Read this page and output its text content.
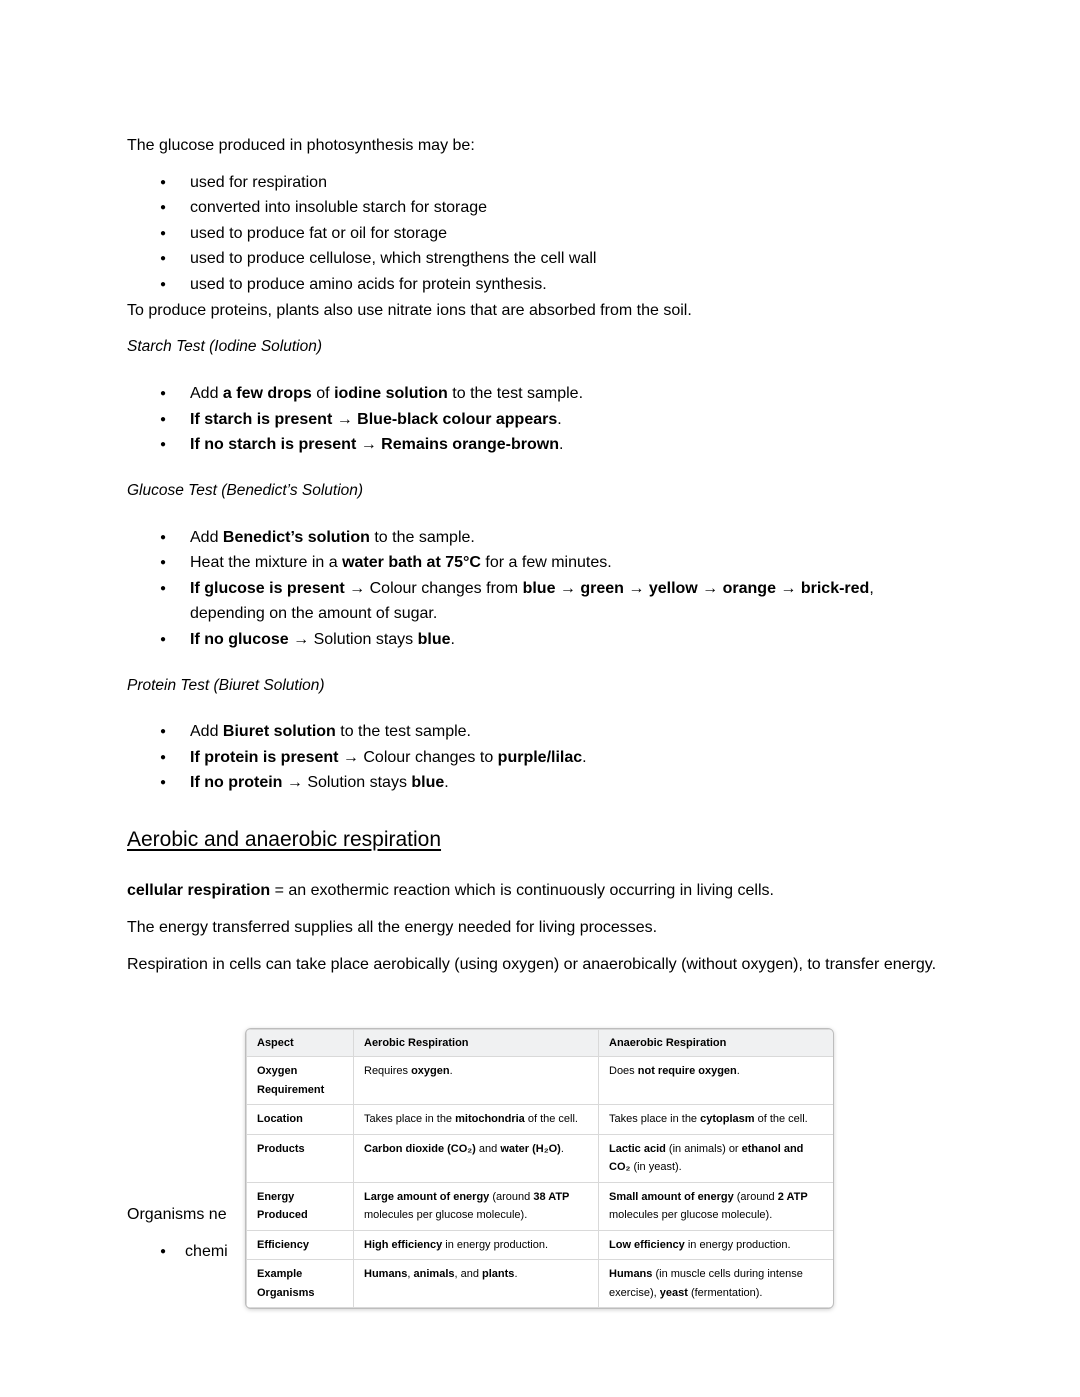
The glucose produced in photosynthesis may be:

● used for respiration
● converted into insoluble starch for storage
● used to produce fat or oil for storage
● used to produce cellulose, which strengthens the cell wall
● used to produce amino acids for protein synthesis.

To produce proteins, plants also use nitrate ions that are absorbed from the soil.

Starch Test (Iodine Solution)
● Add a few drops of iodine solution to the test sample.
● If starch is present → Blue-black colour appears.
● If no starch is present → Remains orange-brown.
Glucose Test (Benedict’s Solution)
● Add Benedict’s solution to the sample.
● Heat the mixture in a water bath at 75°C for a few minutes.
● If glucose is present → Colour changes from blue → green → yellow → orange → brick-red, depending on the amount of sugar.
● If no glucose → Solution stays blue.
Protein Test (Biuret Solution)
● Add Biuret solution to the test sample.
● If protein is present → Colour changes to purple/lilac.
● If no protein → Solution stays blue.
Aerobic and anaerobic respiration

cellular respiration = an exothermic reaction which is continuously occurring in living cells.

The energy transferred supplies all the energy needed for living processes.

Respiration in cells can take place aerobically (using oxygen) or anaerobically (without oxygen), to transfer energy.

Organisms ne
● chemi
Aspect	Aerobic Respiration	Anaerobic Respiration
Oxygen Requirement	Requires oxygen.	Does not require oxygen.
Location	Takes place in the mitochondria of the cell.	Takes place in the cytoplasm of the cell.
Products	Carbon dioxide (CO₂) and water (H₂O).	Lactic acid (in animals) or ethanol and CO₂ (in yeast).
Energy Produced	Large amount of energy (around 38 ATP molecules per glucose molecule).	Small amount of energy (around 2 ATP molecules per glucose molecule).
Efficiency	High efficiency in energy production.	Low efficiency in energy production.
Example Organisms	Humans, animals, and plants.	Humans (in muscle cells during intense exercise), yeast (fermentation).
